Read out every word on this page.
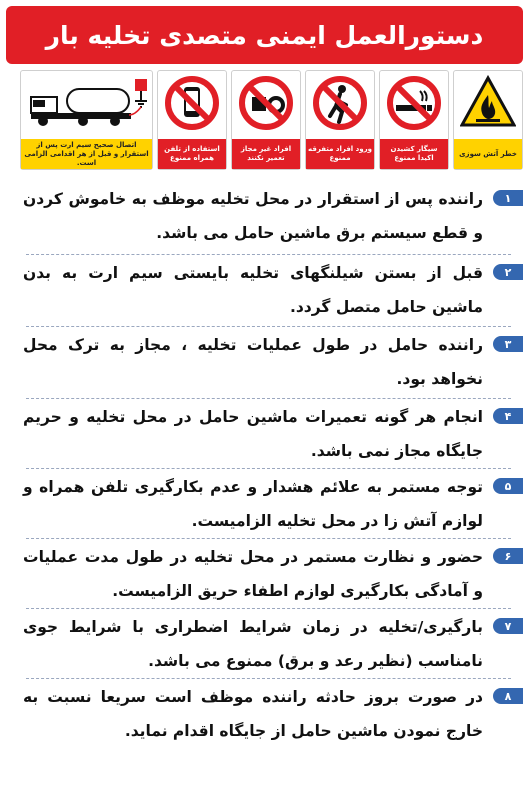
دستورالعمل ایمنی متصدی تخلیه بار
خطر آتش سوزی
سیگار کشیدن اکیدا ممنوع
ورود افراد متفرقه ممنوع
افراد غیر مجاز تعمیر نکنند
استفاده از تلفن همراه ممنوع
اتصال صحیح سیم ارت پس از استقرار و قبل از هر اقدامی الزامی است.
۱
راننده پس از استقرار در محل تخلیه موظف به خاموش کردن و قطع سیستم برق ماشین حامل می باشد.
۲
قبل از بستن شیلنگهای تخلیه بایستی سیم ارت به بدن ماشین حامل متصل گردد.
۳
راننده حامل در طول عملیات تخلیه ، مجاز به ترک محل نخواهد بود.
۴
انجام هر گونه تعمیرات ماشین حامل در محل تخلیه و حریم جایگاه مجاز نمی باشد.
۵
توجه مستمر به علائم هشدار و عدم بکارگیری تلفن همراه و لوازم آتش زا در محل تخلیه الزامیست.
۶
حضور و نظارت مستمر در محل تخلیه در طول مدت عملیات و آمادگی بکارگیری لوازم اطفاء حریق الزامیست.
۷
بارگیری/تخلیه در زمان شرایط اضطراری با شرایط جوی نامناسب (نظیر رعد و برق) ممنوع می باشد.
۸
در صورت بروز حادثه راننده موظف است سریعا نسبت به خارج نمودن ماشین حامل از جایگاه اقدام نماید.
